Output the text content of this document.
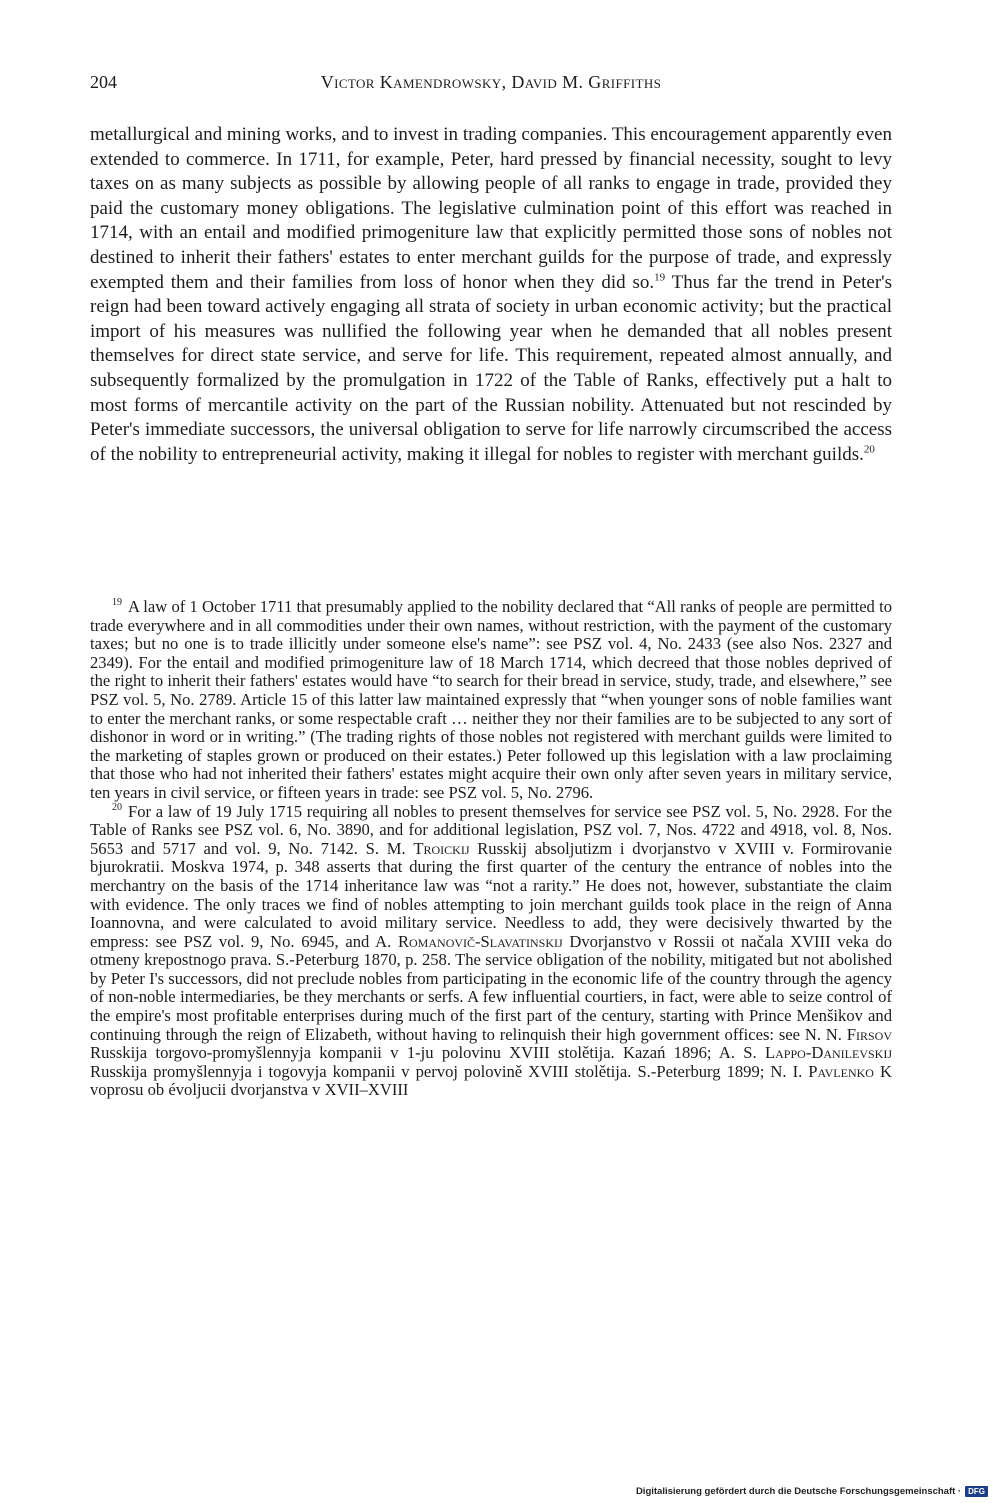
204	Victor Kamendrowsky, David M. Griffiths

metallurgical and mining works, and to invest in trading companies. This encouragement apparently even extended to commerce. In 1711, for example, Peter, hard pressed by financial necessity, sought to levy taxes on as many subjects as possible by allowing people of all ranks to engage in trade, provided they paid the customary money obligations. The legislative culmination point of this effort was reached in 1714, with an entail and modified primogeniture law that explicitly permitted those sons of nobles not destined to inherit their fathers' estates to enter merchant guilds for the purpose of trade, and expressly exempted them and their families from loss of honor when they did so.$^{19}$ Thus far the trend in Peter's reign had been toward actively engaging all strata of society in urban economic activity; but the practical import of his measures was nullified the following year when he demanded that all nobles present themselves for direct state service, and serve for life. This requirement, repeated almost annually, and subsequently formalized by the promulgation in 1722 of the Table of Ranks, effectively put a halt to most forms of mercantile activity on the part of the Russian nobility. Attenuated but not rescinded by Peter's immediate successors, the universal obligation to serve for life narrowly circumscribed the access of the nobility to entrepreneurial activity, making it illegal for nobles to register with merchant guilds.$^{20}$

$^{19}$ A law of 1 October 1711 that presumably applied to the nobility declared that “All ranks of people are permitted to trade everywhere and in all commodities under their own names, without restriction, with the payment of the customary taxes; but no one is to trade illicitly under someone else's name”: see PSZ vol. 4, No. 2433 (see also Nos. 2327 and 2349). For the entail and modified primogeniture law of 18 March 1714, which decreed that those nobles deprived of the right to inherit their fathers' estates would have “to search for their bread in service, study, trade, and elsewhere,” see PSZ vol. 5, No. 2789. Article 15 of this latter law maintained expressly that “when younger sons of noble families want to enter the merchant ranks, or some respectable craft … neither they nor their families are to be subjected to any sort of dishonor in word or in writing.” (The trading rights of those nobles not registered with merchant guilds were limited to the marketing of staples grown or produced on their estates.) Peter followed up this legislation with a law proclaiming that those who had not inherited their fathers' estates might acquire their own only after seven years in military service, ten years in civil service, or fifteen years in trade: see PSZ vol. 5, No. 2796.

$^{20}$ For a law of 19 July 1715 requiring all nobles to present themselves for service see PSZ vol. 5, No. 2928. For the Table of Ranks see PSZ vol. 6, No. 3890, and for additional legislation, PSZ vol. 7, Nos. 4722 and 4918, vol. 8, Nos. 5653 and 5717 and vol. 9, No. 7142. S. M. Troickij Russkij absoljutizm i dvorjanstvo v XVIII v. Formirovanie bjurokratii. Moskva 1974, p. 348 asserts that during the first quarter of the century the entrance of nobles into the merchantry on the basis of the 1714 inheritance law was “not a rarity.” He does not, however, substantiate the claim with evidence. The only traces we find of nobles attempting to join merchant guilds took place in the reign of Anna Ioannovna, and were calculated to avoid military service. Needless to add, they were decisively thwarted by the empress: see PSZ vol. 9, No. 6945, and A. Romanovič-Slavatinskij Dvorjanstvo v Rossii ot načala XVIII veka do otmeny krepostnogo prava. S.-Peterburg 1870, p. 258. The service obligation of the nobility, mitigated but not abolished by Peter I's successors, did not preclude nobles from participating in the economic life of the country through the agency of non-noble intermediaries, be they merchants or serfs. A few influential courtiers, in fact, were able to seize control of the empire's most profitable enterprises during much of the first part of the century, starting with Prince Menšikov and continuing through the reign of Elizabeth, without having to relinquish their high government offices: see N. N. Firsov Russkija torgovo-promyšlennyja kompanii v 1-ju polovinu XVIII stolětija. Kazań 1896; A. S. Lappo-Danilevskij Russkija promyšlennyja i togovyja kompanii v pervoj polovině XVIII stolětija. S.-Peterburg 1899; N. I. Pavlenko K voprosu ob évoljucii dvorjanstva v XVII–XVIII

Digitalisierung gefördert durch die Deutsche Forschungsgemeinschaft · DFG
